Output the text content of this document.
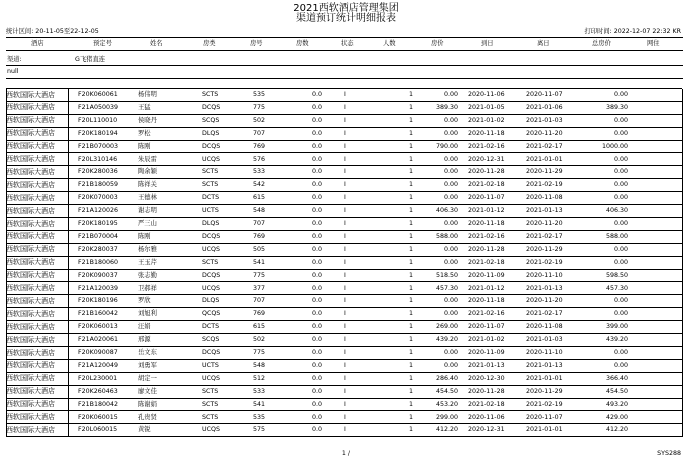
2021西软酒店管理集团
渠道预订统计明细报表
统计区间: 20-11-05至22-12-05	打印时间: 2022-12-07 22:32 KR
酒店	预定号	姓名	房类	房号	房数	状态	人数	房价	到日	离日	总房价	网住
渠道:	G飞猪直连
null
西软国际大酒店	F20K060061	杨伟明	SCTS	535	0.0	I	1	0.00 2020-11-06	2020-11-07	0.00
西软国际大酒店	F21A050039	王猛	DCQS	775	0.0	I	1	389.30 2021-01-05	2021-01-06	389.30
西软国际大酒店	F20L110010	侯晓丹	SCQS	502	0.0	I	1	0.00 2021-01-02	2021-01-03	0.00
西软国际大酒店	F20K180194	罗松	DLQS	707	0.0	I	1	0.00 2020-11-18	2020-11-20	0.00
西软国际大酒店	F21B070003	陈刚	DCQS	769	0.0	I	1	790.00 2021-02-16	2021-02-17	1000.00
西软国际大酒店	F20L310146	朱辰雷	UCQS	576	0.0	I	1	0.00 2020-12-31	2021-01-01	0.00
西软国际大酒店	F20K280036	陶余颖	SCTS	533	0.0	I	1	0.00 2020-11-28	2020-11-29	0.00
西软国际大酒店	F21B180059	陈祥关	SCTS	542	0.0	I	1	0.00 2021-02-18	2021-02-19	0.00
西软国际大酒店	F20K070003	王德林	DCTS	615	0.0	I	1	0.00 2020-11-07	2020-11-08	0.00
西软国际大酒店	F21A120026	谢志明	UCTS	548	0.0	I	1	406.30 2021-01-12	2021-01-13	406.30
西软国际大酒店	F20K180195	严三山	DLQS	707	0.0	I	1	0.00 2020-11-18	2020-11-20	0.00
西软国际大酒店	F21B070004	陈刚	DCQS	769	0.0	I	1	588.00 2021-02-16	2021-02-17	588.00
西软国际大酒店	F20K280037	杨尔雅	UCQS	505	0.0	I	1	0.00 2020-11-28	2020-11-29	0.00
西软国际大酒店	F21B180060	王玉芹	SCTS	541	0.0	I	1	0.00 2021-02-18	2021-02-19	0.00
西软国际大酒店	F20K090037	张志勤	DCQS	775	0.0	I	1	518.50 2020-11-09	2020-11-10	598.50
西软国际大酒店	F21A120039	卫郝祥	UCQS	377	0.0	I	1	457.30 2021-01-12	2021-01-13	457.30
西软国际大酒店	F20K180196	罗欣	DLQS	707	0.0	I	1	0.00 2020-11-18	2020-11-20	0.00
西软国际大酒店	F21B160042	刘旭利	QCQS	769	0.0	I	1	0.00 2021-02-16	2021-02-17	0.00
西软国际大酒店	F20K060013	汪娟	DCTS	615	0.0	I	1	269.00 2020-11-07	2020-11-08	399.00
西软国际大酒店	F21A020061	邢源	SCQS	502	0.0	I	1	439.20 2021-01-02	2021-01-03	439.20
西软国际大酒店	F20K090087	岳文东	DCQS	775	0.0	I	1	0.00 2020-11-09	2020-11-10	0.00
西软国际大酒店	F21A120049	刘勇军	UCTS	548	0.0	I	1	0.00 2021-01-13	2021-01-13	0.00
西软国际大酒店	F20L230001	胡定一	UCQS	512	0.0	I	1	286.40 2020-12-30	2021-01-01	366.40
西软国际大酒店	F20K260463	廖文佳	SCTS	533	0.0	I	1	454.50 2020-11-28	2020-11-29	454.50
西软国际大酒店	F21B180042	陈谢娟	SCTS	541	0.0	I	1	453.20 2021-02-18	2021-02-19	493.20
西软国际大酒店	F20K060015	孔贵贤	SCTS	535	0.0	I	1	299.00 2020-11-06	2020-11-07	429.00
西软国际大酒店	F20L060015	黄锐	UCQS	575	0.0	I	1	412.20 2020-12-31	2021-01-01	412.20
1 /	SYS288
